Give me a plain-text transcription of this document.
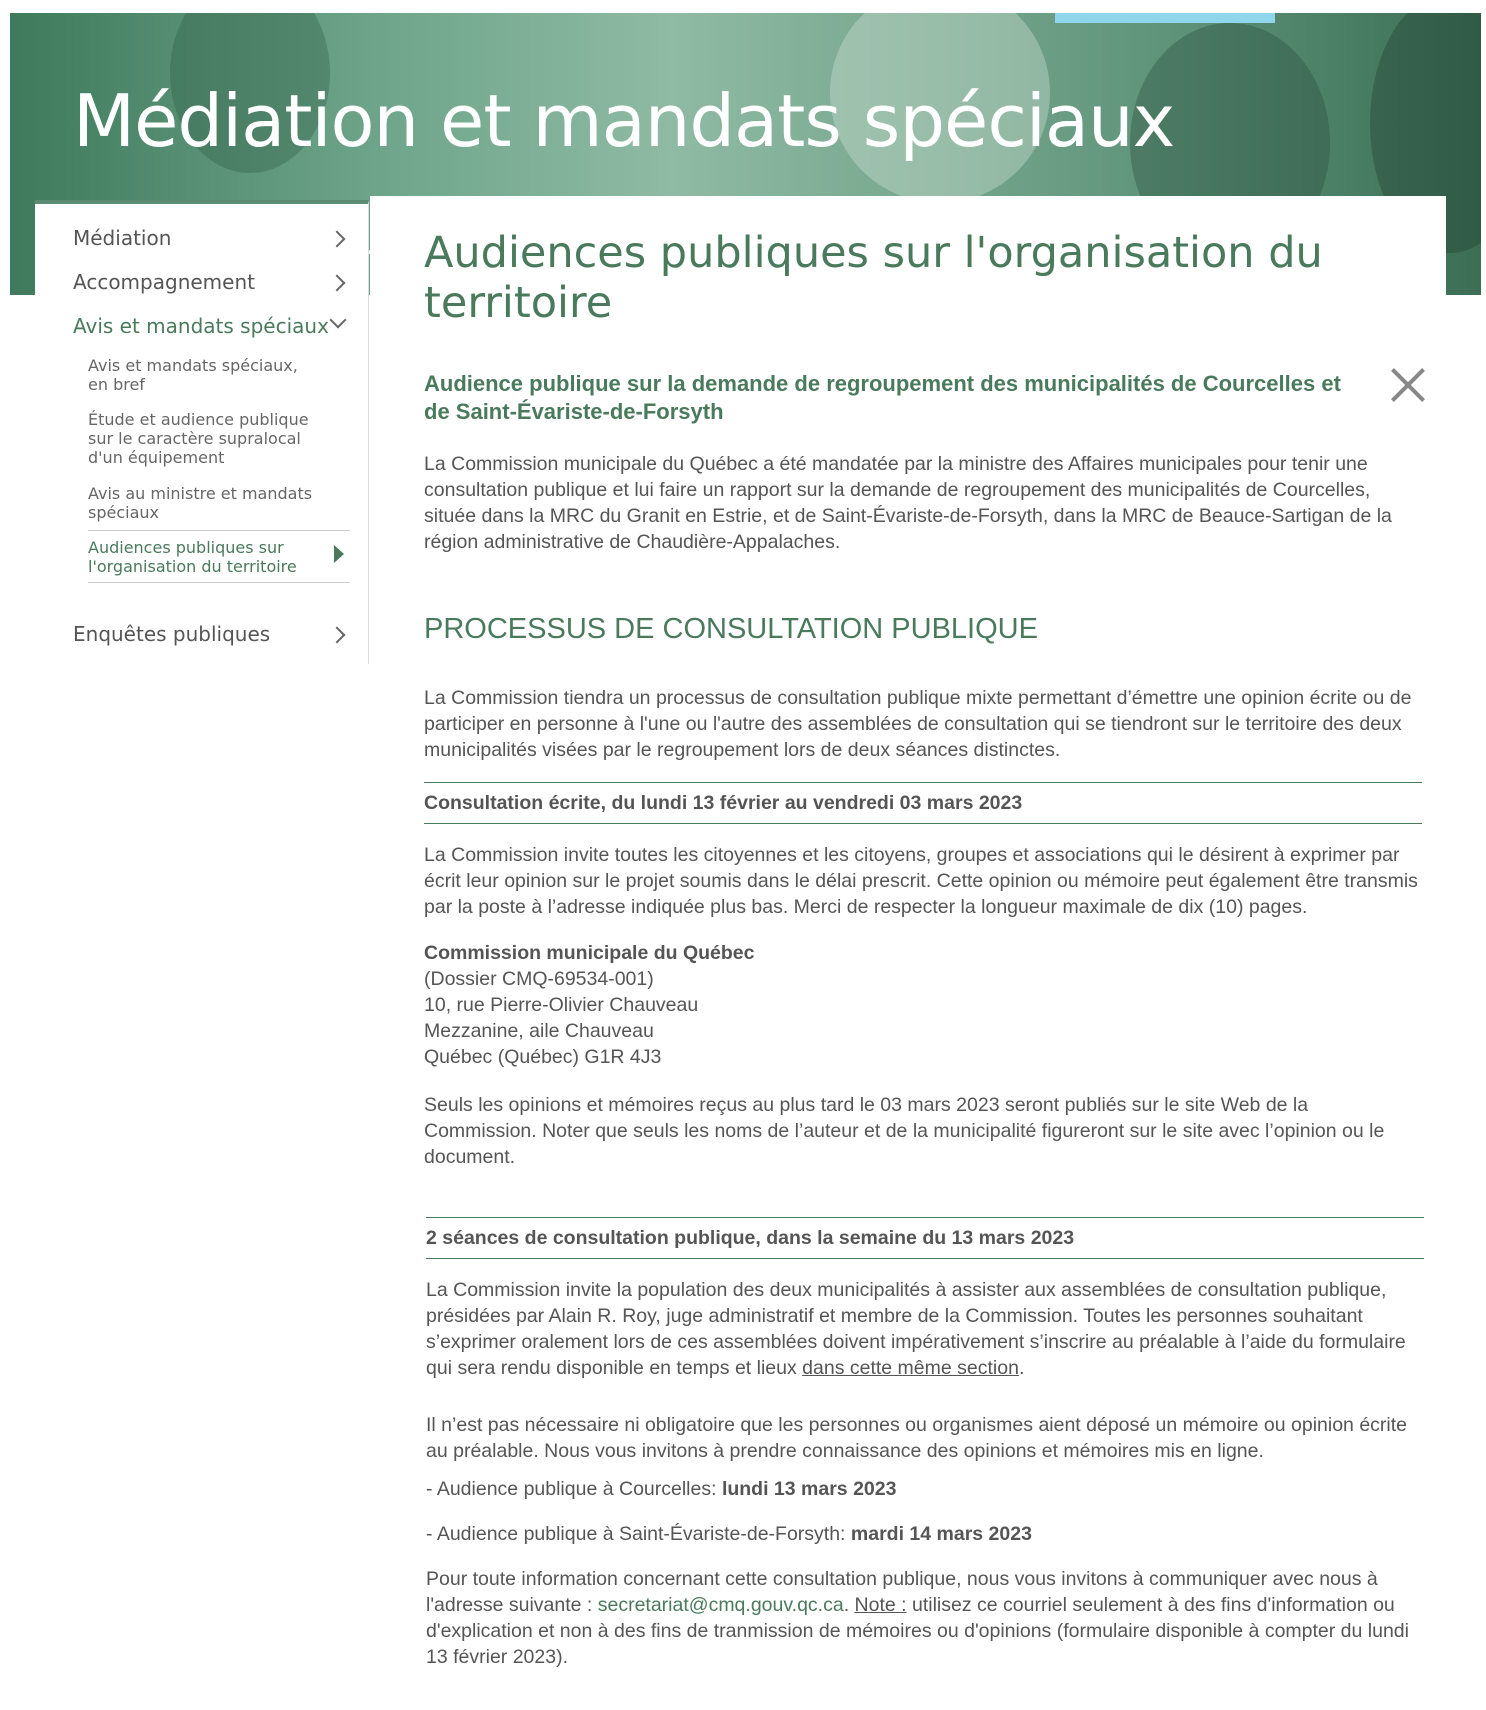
Médiation et mandats spéciaux
Médiation
Accompagnement
Avis et mandats spéciaux
Avis et mandats spéciaux, en bref
Étude et audience publique sur le caractère supralocal d'un équipement
Avis au ministre et mandats spéciaux
Audiences publiques sur l'organisation du territoire
Enquêtes publiques
Audiences publiques sur l'organisation du territoire
Audience publique sur la demande de regroupement des municipalités de Courcelles et de Saint-Évariste-de-Forsyth

La Commission municipale du Québec a été mandatée par la ministre des Affaires municipales pour tenir une consultation publique et lui faire un rapport sur la demande de regroupement des municipalités de Courcelles, située dans la MRC du Granit en Estrie, et de Saint-Évariste-de-Forsyth, dans la MRC de Beauce-Sartigan de la région administrative de Chaudière-Appalaches.

PROCESSUS DE CONSULTATION PUBLIQUE

La Commission tiendra un processus de consultation publique mixte permettant d’émettre une opinion écrite ou de participer en personne à l'une ou l'autre des assemblées de consultation qui se tiendront sur le territoire des deux municipalités visées par le regroupement lors de deux séances distinctes.

Consultation écrite, du lundi 13 février au vendredi 03 mars 2023

La Commission invite toutes les citoyennes et les citoyens, groupes et associations qui le désirent à exprimer par écrit leur opinion sur le projet soumis dans le délai prescrit. Cette opinion ou mémoire peut également être transmis par la poste à l’adresse indiquée plus bas. Merci de respecter la longueur maximale de dix (10) pages.

Commission municipale du Québec
(Dossier CMQ-69534-001)
10, rue Pierre-Olivier Chauveau
Mezzanine, aile Chauveau
Québec (Québec) G1R 4J3

Seuls les opinions et mémoires reçus au plus tard le 03 mars 2023 seront publiés sur le site Web de la Commission. Noter que seuls les noms de l’auteur et de la municipalité figureront sur le site avec l’opinion ou le document.

2 séances de consultation publique, dans la semaine du 13 mars 2023

La Commission invite la population des deux municipalités à assister aux assemblées de consultation publique, présidées par Alain R. Roy, juge administratif et membre de la Commission. Toutes les personnes souhaitant s’exprimer oralement lors de ces assemblées doivent impérativement s’inscrire au préalable à l’aide du formulaire qui sera rendu disponible en temps et lieux dans cette même section.

Il n’est pas nécessaire ni obligatoire que les personnes ou organismes aient déposé un mémoire ou opinion écrite au préalable. Nous vous invitons à prendre connaissance des opinions et mémoires mis en ligne.

- Audience publique à Courcelles: lundi 13 mars 2023

- Audience publique à Saint-Évariste-de-Forsyth: mardi 14 mars 2023

Pour toute information concernant cette consultation publique, nous vous invitons à communiquer avec nous à l'adresse suivante : secretariat@cmq.gouv.qc.ca. Note : utilisez ce courriel seulement à des fins d'information ou d'explication et non à des fins de tranmission de mémoires ou d'opinions (formulaire disponible à compter du lundi 13 février 2023).
